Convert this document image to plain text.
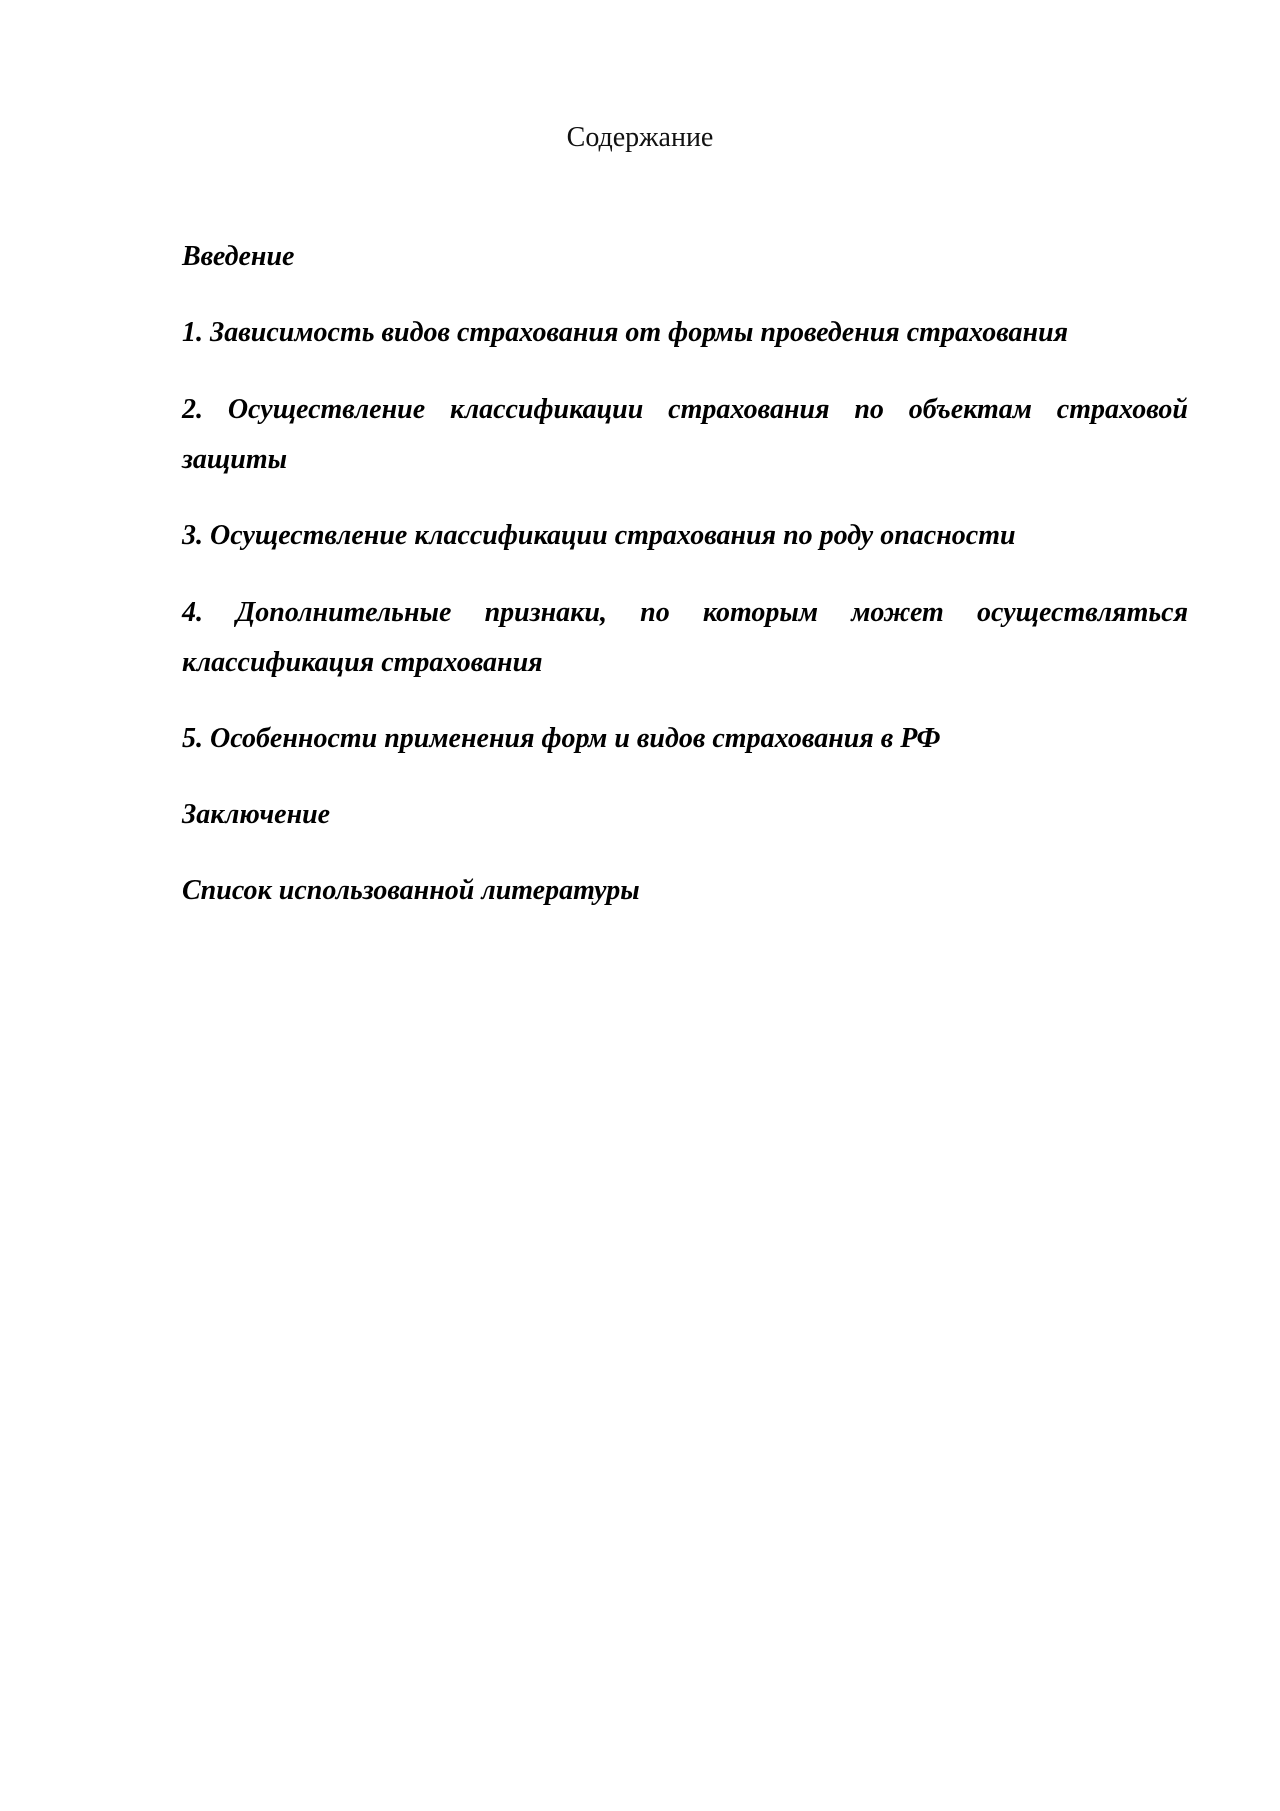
Содержание
Введение
1. Зависимость видов страхования от формы проведения страхования
2. Осуществление классификации страхования по объектам страховой защиты
3. Осуществление классификации страхования по роду опасности
4. Дополнительные признаки, по которым может осуществляться классификация страхования
5. Особенности применения форм и видов страхования в РФ
Заключение
Список использованной литературы
